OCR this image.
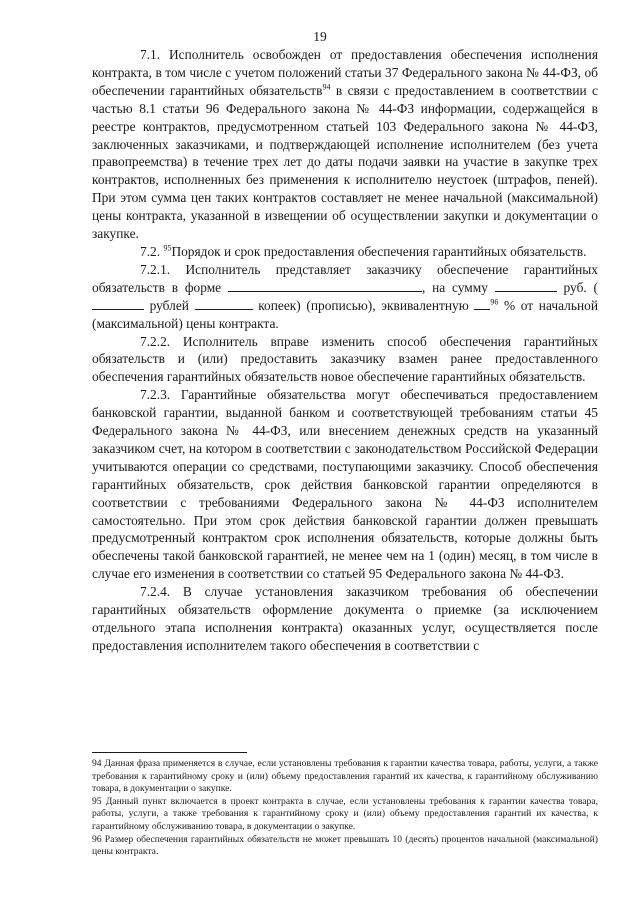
19

7.1. Исполнитель освобожден от предоставления обеспечения исполнения контракта, в том числе с учетом положений статьи 37 Федерального закона № 44-ФЗ, об обеспечении гарантийных обязательств$^{94}$ в связи с предоставлением в соответствии с частью 8.1 статьи 96 Федерального закона № 44-ФЗ информации, содержащейся в реестре контрактов, предусмотренном статьей 103 Федерального закона № 44-ФЗ, заключенных заказчиками, и подтверждающей исполнение исполнителем (без учета правопреемства) в течение трех лет до даты подачи заявки на участие в закупке трех контрактов, исполненных без применения к исполнителю неустоек (штрафов, пеней). При этом сумма цен таких контрактов составляет не менее начальной (максимальной) цены контракта, указанной в извещении об осуществлении закупки и документации о закупке.

7.2. $^{95}$Порядок и срок предоставления обеспечения гарантийных обязательств.

7.2.1. Исполнитель представляет заказчику обеспечение гарантийных обязательств в форме	, на сумму	руб. ( рублей	копеек) (прописью), эквивалентную $^{96}$ % от начальной (максимальной) цены контракта.

7.2.2. Исполнитель вправе изменить способ обеспечения гарантийных обязательств и (или) предоставить заказчику взамен ранее предоставленного обеспечения гарантийных обязательств новое обеспечение гарантийных обязательств.

7.2.3. Гарантийные обязательства могут обеспечиваться предоставлением банковской гарантии, выданной банком и соответствующей требованиям статьи 45 Федерального закона № 44-ФЗ, или внесением денежных средств на указанный заказчиком счет, на котором в соответствии с законодательством Российской Федерации учитываются операции со средствами, поступающими заказчику. Способ обеспечения гарантийных обязательств, срок действия банковской гарантии определяются в соответствии с требованиями Федерального закона № 44-ФЗ исполнителем самостоятельно. При этом срок действия банковской гарантии должен превышать предусмотренный контрактом срок исполнения обязательств, которые должны быть обеспечены такой банковской гарантией, не менее чем на 1 (один) месяц, в том числе в случае его изменения в соответствии со статьей 95 Федерального закона № 44-ФЗ.

7.2.4. В случае установления заказчиком требования об обеспечении гарантийных обязательств оформление документа о приемке (за исключением отдельного этапа исполнения контракта) оказанных услуг, осуществляется после предоставления исполнителем такого обеспечения в соответствии с

94 Данная фраза применяется в случае, если установлены требования к гарантии качества товара, работы, услуги, а также требования к гарантийному сроку и (или) объему предоставления гарантий их качества, к гарантийному обслуживанию товара, в документации о закупке.

95 Данный пункт включается в проект контракта в случае, если установлены требования к гарантии качества товара, работы, услуги, а также требования к гарантийному сроку и (или) объему предоставления гарантий их качества, к гарантийному обслуживанию товара, в документации о закупке.

96 Размер обеспечения гарантийных обязательств не может превышать 10 (десять) процентов начальной (максимальной) цены контракта.
